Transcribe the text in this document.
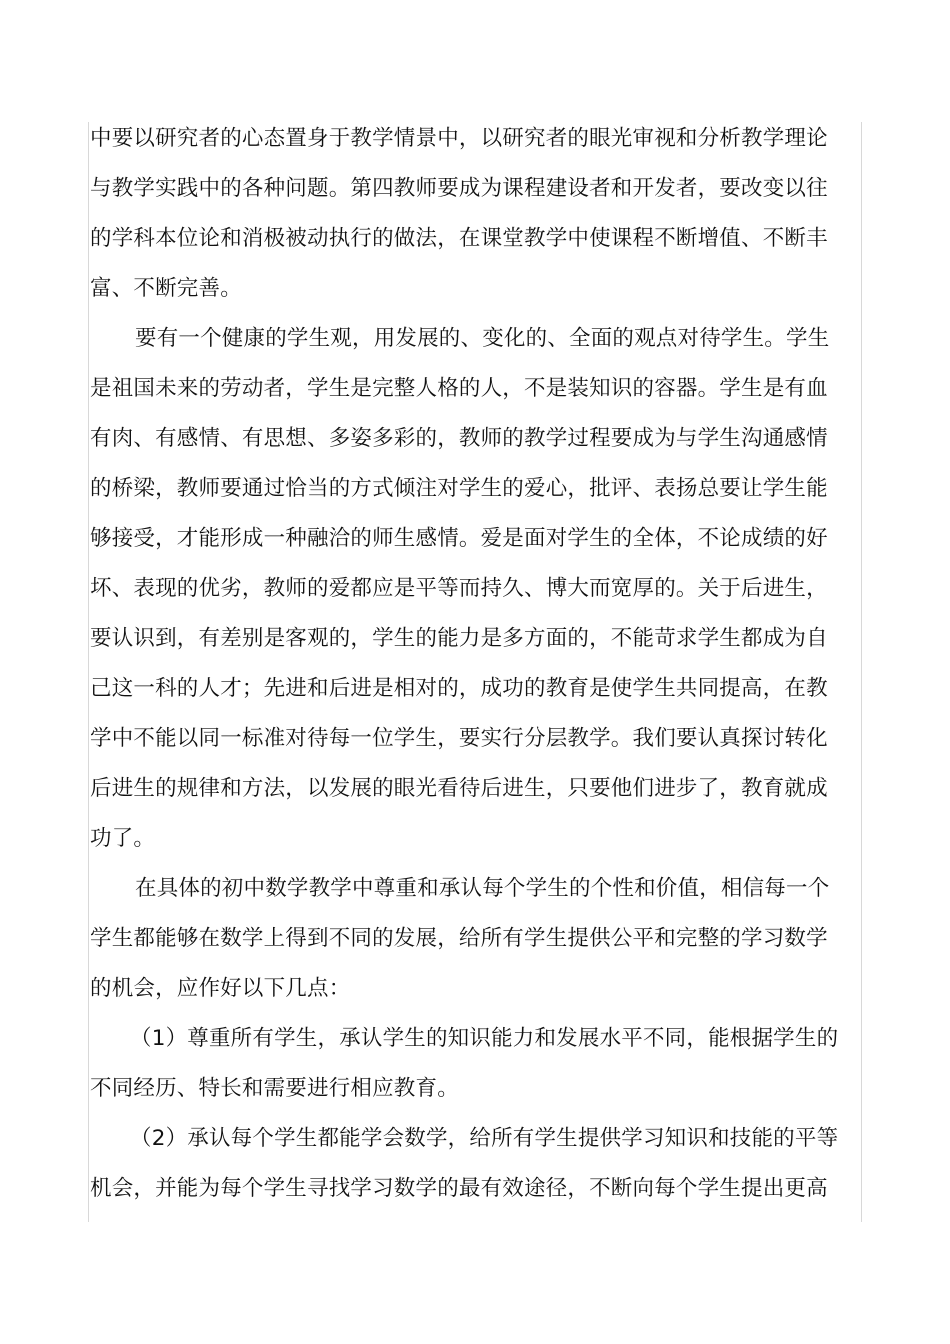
中要以研究者的心态置身于教学情景中，以研究者的眼光审视和分析教学理论
与教学实践中的各种问题。第四教师要成为课程建设者和开发者，要改变以往
的学科本位论和消极被动执行的做法，在课堂教学中使课程不断增值、不断丰
富、不断完善。
要有一个健康的学生观，用发展的、变化的、全面的观点对待学生。学生
是祖国未来的劳动者，学生是完整人格的人，不是装知识的容器。学生是有血
有肉、有感情、有思想、多姿多彩的，教师的教学过程要成为与学生沟通感情
的桥梁，教师要通过恰当的方式倾注对学生的爱心，批评、表扬总要让学生能
够接受，才能形成一种融洽的师生感情。爱是面对学生的全体，不论成绩的好
坏、表现的优劣，教师的爱都应是平等而持久、博大而宽厚的。关于后进生，
要认识到，有差别是客观的，学生的能力是多方面的，不能苛求学生都成为自
己这一科的人才；先进和后进是相对的，成功的教育是使学生共同提高，在教
学中不能以同一标准对待每一位学生，要实行分层教学。我们要认真探讨转化
后进生的规律和方法，以发展的眼光看待后进生，只要他们进步了，教育就成
功了。
在具体的初中数学教学中尊重和承认每个学生的个性和价值，相信每一个
学生都能够在数学上得到不同的发展，给所有学生提供公平和完整的学习数学
的机会，应作好以下几点：
（1）尊重所有学生，承认学生的知识能力和发展水平不同，能根据学生的
不同经历、特长和需要进行相应教育。
（2）承认每个学生都能学会数学，给所有学生提供学习知识和技能的平等
机会，并能为每个学生寻找学习数学的最有效途径，不断向每个学生提出更高
